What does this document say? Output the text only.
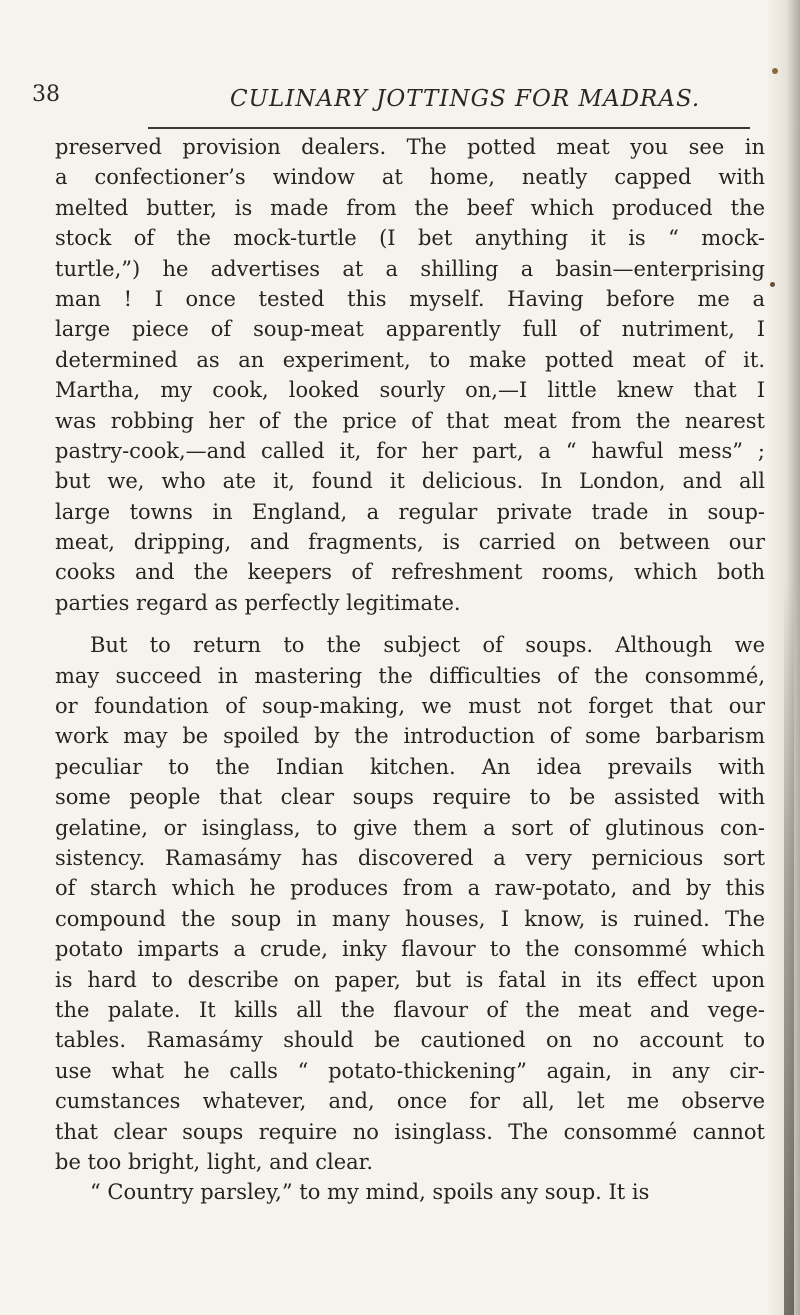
38	CULINARY JOTTINGS FOR MADRAS.
preserved provision dealers. The potted meat you see in
a confectioner’s window at home, neatly capped with
melted butter, is made from the beef which produced the
stock of the mock-turtle (I bet anything it is “ mock-
turtle,”) he advertises at a shilling a basin—enterprising
man ! I once tested this myself. Having before me a
large piece of soup-meat apparently full of nutriment, I
determined as an experiment, to make potted meat of it.
Martha, my cook, looked sourly on,—I little knew that I
was robbing her of the price of that meat from the nearest
pastry-cook,—and called it, for her part, a “ hawful mess” ;
but we, who ate it, found it delicious. In London, and all
large towns in England, a regular private trade in soup-
meat, dripping, and fragments, is carried on between our
cooks and the keepers of refreshment rooms, which both
parties regard as perfectly legitimate.
But to return to the subject of soups. Although we
may succeed in mastering the difficulties of the consommé,
or foundation of soup-making, we must not forget that our
work may be spoiled by the introduction of some barbarism
peculiar to the Indian kitchen. An idea prevails with
some people that clear soups require to be assisted with
gelatine, or isinglass, to give them a sort of glutinous con-
sistency. Ramasámy has discovered a very pernicious sort
of starch which he produces from a raw-potato, and by this
compound the soup in many houses, I know, is ruined. The
potato imparts a crude, inky flavour to the consommé which
is hard to describe on paper, but is fatal in its effect upon
the palate. It kills all the flavour of the meat and vege-
tables. Ramasámy should be cautioned on no account to
use what he calls “ potato-thickening” again, in any cir-
cumstances whatever, and, once for all, let me observe
that clear soups require no isinglass. The consommé cannot
be too bright, light, and clear.
“ Country parsley,” to my mind, spoils any soup. It is
